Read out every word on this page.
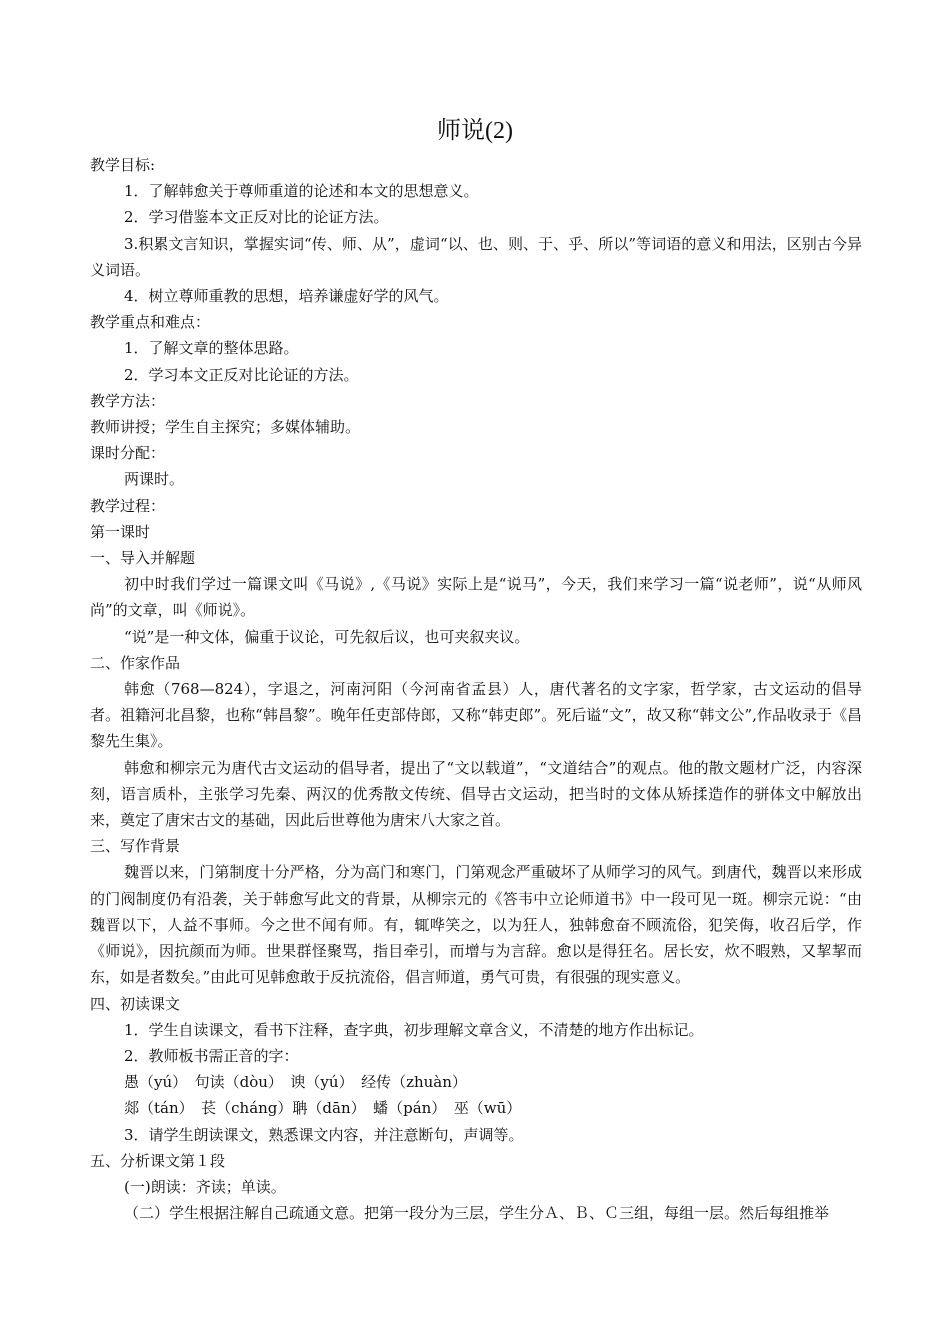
师说(2)

教学目标:

1．了解韩愈关于尊师重道的论述和本文的思想意义。

2．学习借鉴本文正反对比的论证方法。

3.积累文言知识，掌握实词“传、师、从”，虚词“以、也、则、于、乎、所以”等词语的意义和用法，区别古今异义词语。

4．树立尊师重教的思想，培养谦虚好学的风气。

教学重点和难点：

1．了解文章的整体思路。

2．学习本文正反对比论证的方法。

教学方法：

教师讲授；学生自主探究；多媒体辅助。

课时分配：

两课时。

教学过程：

第一课时

一、导入并解题

初中时我们学过一篇课文叫《马说》,《马说》实际上是“说马”，今天，我们来学习一篇“说老师”，说“从师风尚”的文章，叫《师说》。

“说”是一种文体，偏重于议论，可先叙后议，也可夹叙夹议。

二、作家作品

韩愈（768—824），字退之，河南河阳（今河南省孟县）人，唐代著名的文字家，哲学家，古文运动的倡导者。祖籍河北昌黎，也称“韩昌黎”。晚年任吏部侍郎，又称“韩吏郎”。死后谥“文”，故又称“韩文公”,作品收录于《昌黎先生集》。

韩愈和柳宗元为唐代古文运动的倡导者，提出了“文以载道”，“文道结合”的观点。他的散文题材广泛，内容深刻，语言质朴，主张学习先秦、两汉的优秀散文传统、倡导古文运动，把当时的文体从矫揉造作的骈体文中解放出来，奠定了唐宋古文的基础，因此后世尊他为唐宋八大家之首。

三、写作背景

魏晋以来，门第制度十分严格，分为高门和寒门，门第观念严重破坏了从师学习的风气。到唐代，魏晋以来形成的门阀制度仍有沿袭，关于韩愈写此文的背景，从柳宗元的《答韦中立论师道书》中一段可见一斑。柳宗元说：“由魏晋以下，人益不事师。今之世不闻有师。有，辄哗笑之，以为狂人，独韩愈奋不顾流俗，犯笑侮，收召后学，作《师说》，因抗颜而为师。世果群怪聚骂，指目牵引，而增与为言辞。愈以是得狂名。居长安，炊不暇熟，又挈挈而东，如是者数矣。”由此可见韩愈敢于反抗流俗，倡言师道，勇气可贵，有很强的现实意义。

四、初读课文

1．学生自读课文，看书下注释，查字典，初步理解文章含义，不清楚的地方作出标记。

2．教师板书需正音的字：

愚（yú）　句读（dòu）　谀（yú）　经传（zhuàn）

郯（tán）　苌（cháng）聃（dān）　蟠（pán）　巫（wū）

3．请学生朗读课文，熟悉课文内容，并注意断句，声调等。

五、分析课文第１段

(一)朗读：齐读；单读。

（二）学生根据注解自己疏通文意。把第一段分为三层，学生分Ａ、Ｂ、Ｃ三组，每组一层。然后每组推举
